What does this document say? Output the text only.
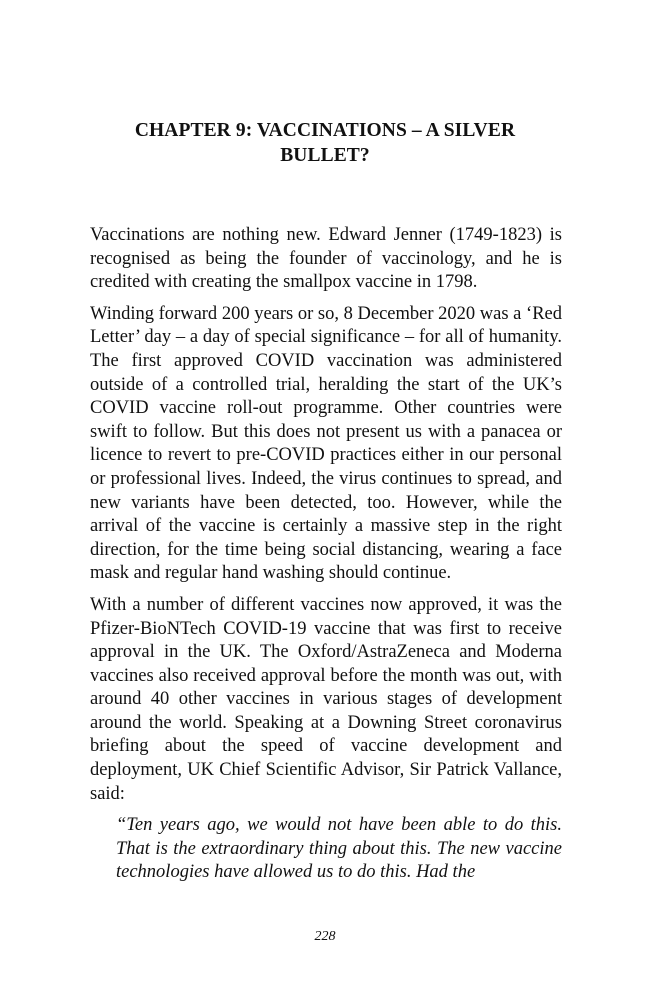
CHAPTER 9: VACCINATIONS – A SILVER
BULLET?

Vaccinations are nothing new. Edward Jenner (1749-1823) is recognised as being the founder of vaccinology, and he is credited with creating the smallpox vaccine in 1798.

Winding forward 200 years or so, 8 December 2020 was a ‘Red Letter’ day – a day of special significance – for all of humanity. The first approved COVID vaccination was administered outside of a controlled trial, heralding the start of the UK’s COVID vaccine roll-out programme. Other countries were swift to follow. But this does not present us with a panacea or licence to revert to pre-COVID practices either in our personal or professional lives. Indeed, the virus continues to spread, and new variants have been detected, too. However, while the arrival of the vaccine is certainly a massive step in the right direction, for the time being social distancing, wearing a face mask and regular hand washing should continue.

With a number of different vaccines now approved, it was the Pfizer-BioNTech COVID-19 vaccine that was first to receive approval in the UK. The Oxford/AstraZeneca and Moderna vaccines also received approval before the month was out, with around 40 other vaccines in various stages of development around the world. Speaking at a Downing Street coronavirus briefing about the speed of vaccine development and deployment, UK Chief Scientific Advisor, Sir Patrick Vallance, said:

“Ten years ago, we would not have been able to do this. That is the extraordinary thing about this. The new vaccine technologies have allowed us to do this. Had the

228
